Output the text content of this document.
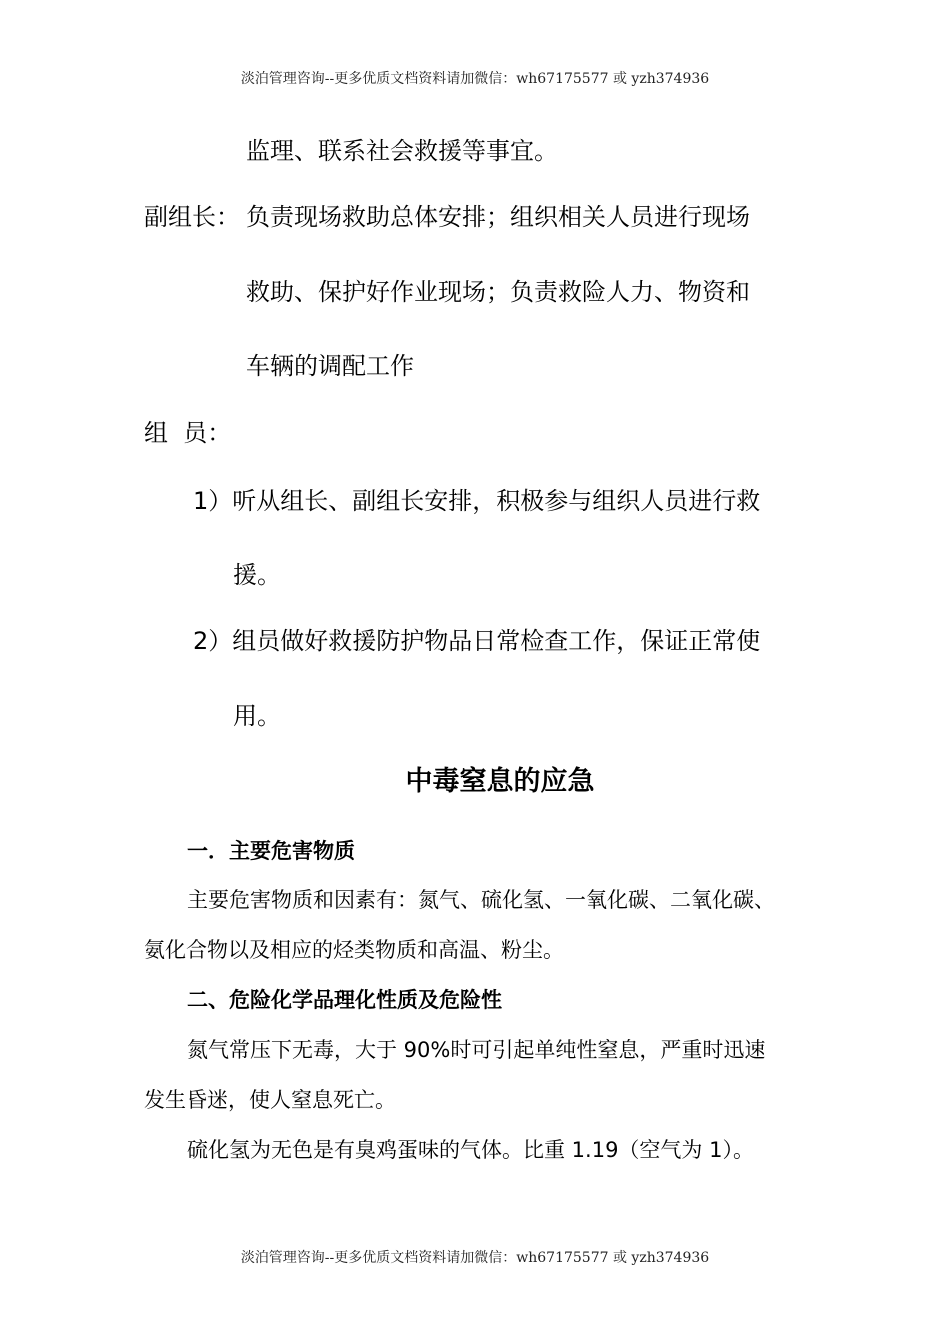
淡泊管理咨询--更多优质文档资料请加微信：wh67175577 或 yzh374936
监理、联系社会救援等事宜。
副组长： 负责现场救助总体安排；组织相关人员进行现场
救助、保护好作业现场；负责救险人力、物资和
车辆的调配工作
组  员：
1）听从组长、副组长安排，积极参与组织人员进行救
援。
2）组员做好救援防护物品日常检查工作，保证正常使
用。
中毒窒息的应急
一．主要危害物质
主要危害物质和因素有：氮气、硫化氢、一氧化碳、二氧化碳、
氨化合物以及相应的烃类物质和高温、粉尘。
二、危险化学品理化性质及危险性
氮气常压下无毒，大于 90%时可引起单纯性窒息，严重时迅速
发生昏迷，使人窒息死亡。
硫化氢为无色是有臭鸡蛋味的气体。比重 1.19（空气为 1）。
淡泊管理咨询--更多优质文档资料请加微信：wh67175577 或 yzh374936
